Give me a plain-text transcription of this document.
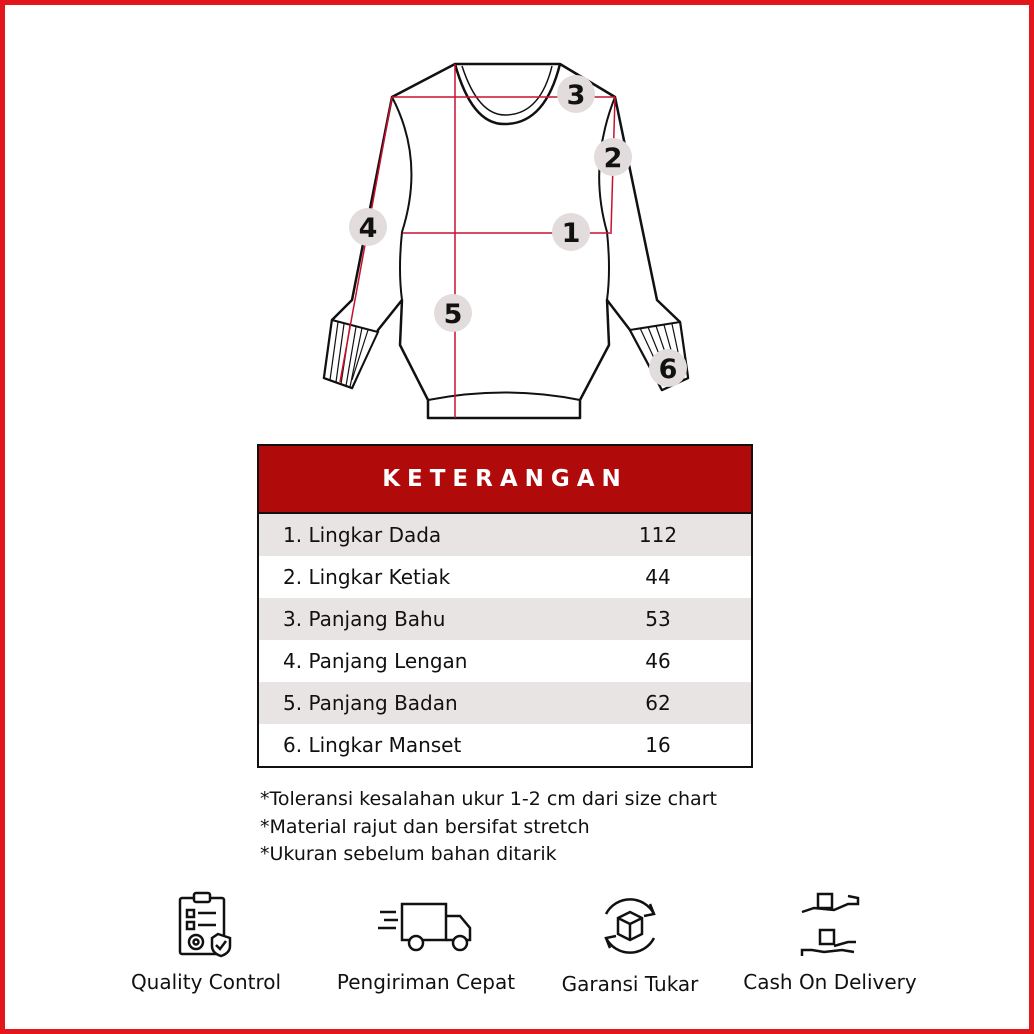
1
2
3
4
5
6
KETERANGAN
1. Lingkar Dada	112
2. Lingkar Ketiak	44
3. Panjang Bahu	53
4. Panjang Lengan	46
5. Panjang Badan	62
6. Lingkar Manset	16
*Toleransi kesalahan ukur 1-2 cm dari size chart
*Material rajut dan bersifat stretch
*Ukuran sebelum bahan ditarik
Quality Control	Pengiriman Cepat	Garansi Tukar	Cash On Delivery
